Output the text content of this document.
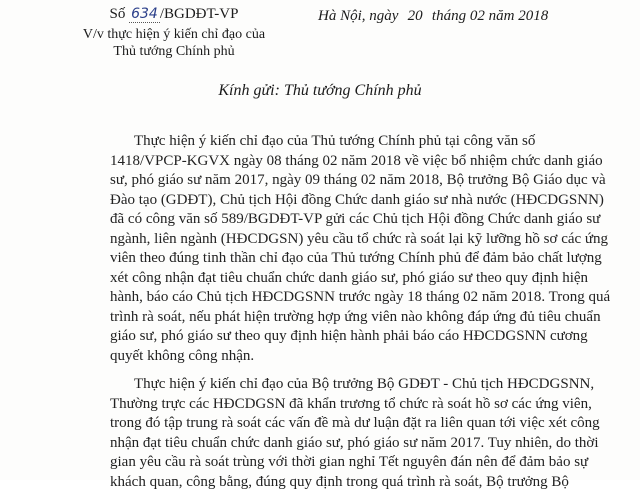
Số 634 /BGDĐT-VP
V/v thực hiện ý kiến chỉ đạo của
Thủ tướng Chính phủ
Hà Nội, ngày 20 tháng 02 năm 2018
Kính gửi: Thủ tướng Chính phủ
Thực hiện ý kiến chỉ đạo của Thủ tướng Chính phủ tại công văn số
1418/VPCP-KGVX ngày 08 tháng 02 năm 2018 về việc bổ nhiệm chức danh giáo
sư, phó giáo sư năm 2017, ngày 09 tháng 02 năm 2018, Bộ trưởng Bộ Giáo dục và
Đào tạo (GDĐT), Chủ tịch Hội đồng Chức danh giáo sư nhà nước (HĐCDGSNN)
đã có công văn số 589/BGDĐT-VP gửi các Chủ tịch Hội đồng Chức danh giáo sư
ngành, liên ngành (HĐCDGSN) yêu cầu tổ chức rà soát lại kỹ lưỡng hồ sơ các ứng
viên theo đúng tinh thần chỉ đạo của Thủ tướng Chính phủ để đảm bảo chất lượng
xét công nhận đạt tiêu chuẩn chức danh giáo sư, phó giáo sư theo quy định hiện
hành, báo cáo Chủ tịch HĐCDGSNN trước ngày 18 tháng 02 năm 2018. Trong quá
trình rà soát, nếu phát hiện trường hợp ứng viên nào không đáp ứng đủ tiêu chuẩn
giáo sư, phó giáo sư theo quy định hiện hành phải báo cáo HĐCDGSNN cương
quyết không công nhận.
Thực hiện ý kiến chỉ đạo của Bộ trưởng Bộ GDĐT - Chủ tịch HĐCDGSNN,
Thường trực các HĐCDGSN đã khẩn trương tổ chức rà soát hồ sơ các ứng viên,
trong đó tập trung rà soát các vấn đề mà dư luận đặt ra liên quan tới việc xét công
nhận đạt tiêu chuẩn chức danh giáo sư, phó giáo sư năm 2017. Tuy nhiên, do thời
gian yêu cầu rà soát trùng với thời gian nghỉ Tết nguyên đán nên để đảm bảo sự
khách quan, công bằng, đúng quy định trong quá trình rà soát, Bộ trưởng Bộ
